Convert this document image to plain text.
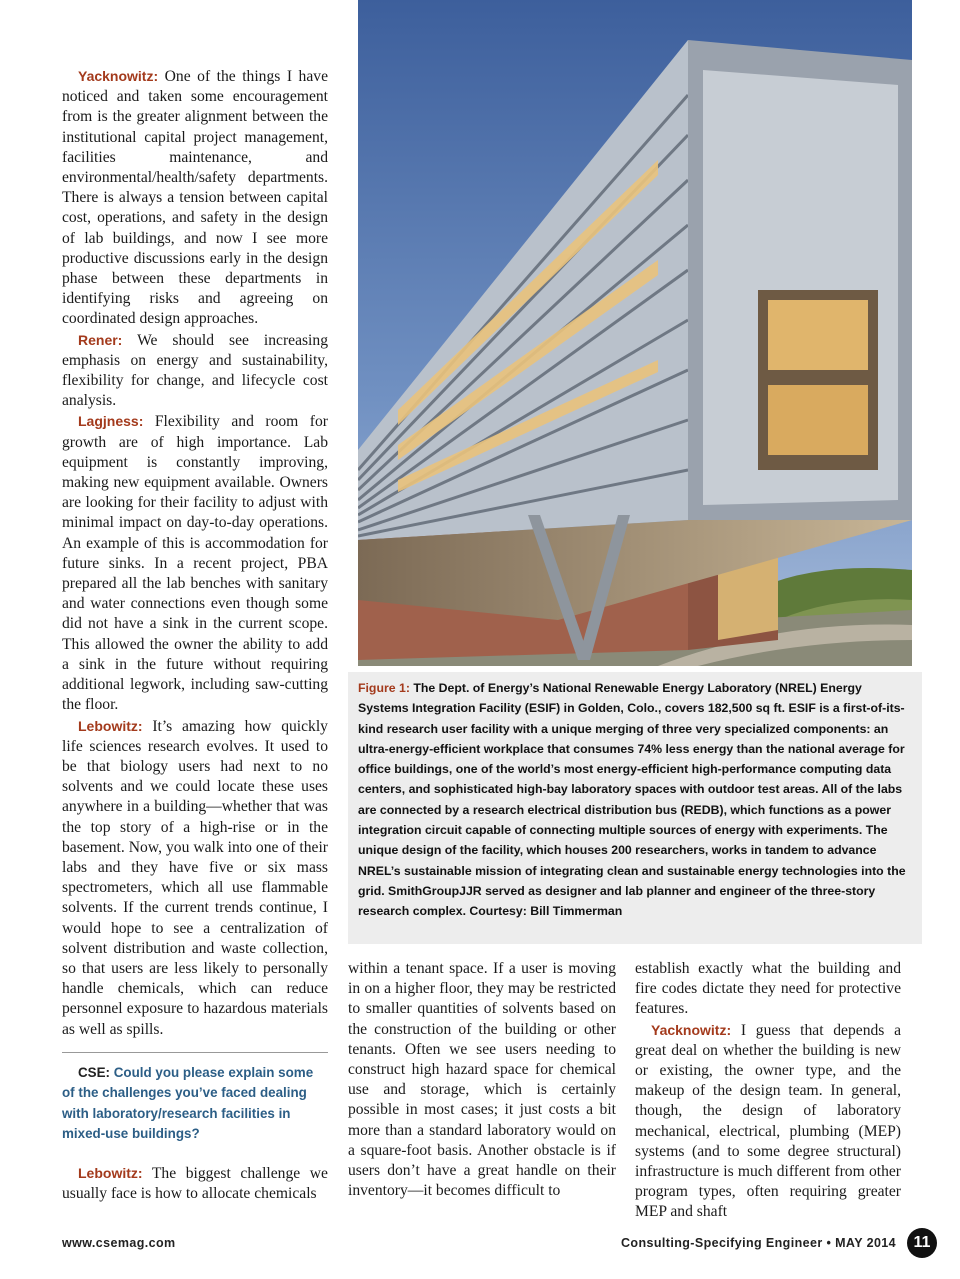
Yacknowitz: One of the things I have noticed and taken some encouragement from is the greater alignment between the institutional capital project management, facilities maintenance, and environmental/health/safety departments. There is always a tension between capital cost, operations, and safety in the design of lab buildings, and now I see more productive discussions early in the design phase between these departments in identifying risks and agreeing on coordinated design approaches.

Rener: We should see increasing emphasis on energy and sustainability, flexibility for change, and lifecycle cost analysis.

Lagjness: Flexibility and room for growth are of high importance. Lab equipment is constantly improving, making new equipment available. Owners are looking for their facility to adjust with minimal impact on day-to-day operations. An example of this is accommodation for future sinks. In a recent project, PBA prepared all the lab benches with sanitary and water connections even though some did not have a sink in the current scope. This allowed the owner the ability to add a sink in the future without requiring additional legwork, including saw-cutting the floor.

Lebowitz: It’s amazing how quickly life sciences research evolves. It used to be that biology users had next to no solvents and we could locate these uses anywhere in a building—whether that was the top story of a high-rise or in the basement. Now, you walk into one of their labs and they have five or six mass spectrometers, which all use flammable solvents. If the current trends continue, I would hope to see a centralization of solvent distribution and waste collection, so that users are less likely to personally handle chemicals, which can reduce personnel exposure to hazardous materials as well as spills.

CSE: Could you please explain some of the challenges you’ve faced dealing with laboratory/research facilities in mixed-use buildings?

Lebowitz: The biggest challenge we usually face is how to allocate chemicals

Figure 1: The Dept. of Energy’s National Renewable Energy Laboratory (NREL) Energy Systems Integration Facility (ESIF) in Golden, Colo., covers 182,500 sq ft. ESIF is a first-of-its-kind research user facility with a unique merging of three very specialized components: an ultra-energy-efficient workplace that consumes 74% less energy than the national average for office buildings, one of the world’s most energy-efficient high-performance computing data centers, and sophisticated high-bay laboratory spaces with outdoor test areas. All of the labs are connected by a research electrical distribution bus (REDB), which functions as a power integration circuit capable of connecting multiple sources of energy with experiments. The unique design of the facility, which houses 200 researchers, works in tandem to advance NREL’s sustainable mission of integrating clean and sustainable energy technologies into the grid. SmithGroupJJR served as designer and lab planner and engineer of the three-story research complex. Courtesy: Bill Timmerman

within a tenant space. If a user is moving in on a higher floor, they may be restricted to smaller quantities of solvents based on the construction of the building or other tenants. Often we see users needing to construct high hazard space for chemical use and storage, which is certainly possible in most cases; it just costs a bit more than a standard laboratory would on a square-foot basis. Another obstacle is if users don’t have a great handle on their inventory—it becomes difficult to

establish exactly what the building and fire codes dictate they need for protective features.

Yacknowitz: I guess that depends a great deal on whether the building is new or existing, the owner type, and the makeup of the design team. In general, though, the design of laboratory mechanical, electrical, plumbing (MEP) systems (and to some degree structural) infrastructure is much different from other program types, often requiring greater MEP and shaft

www.csemag.com	Consulting-Specifying Engineer • MAY 2014	11
